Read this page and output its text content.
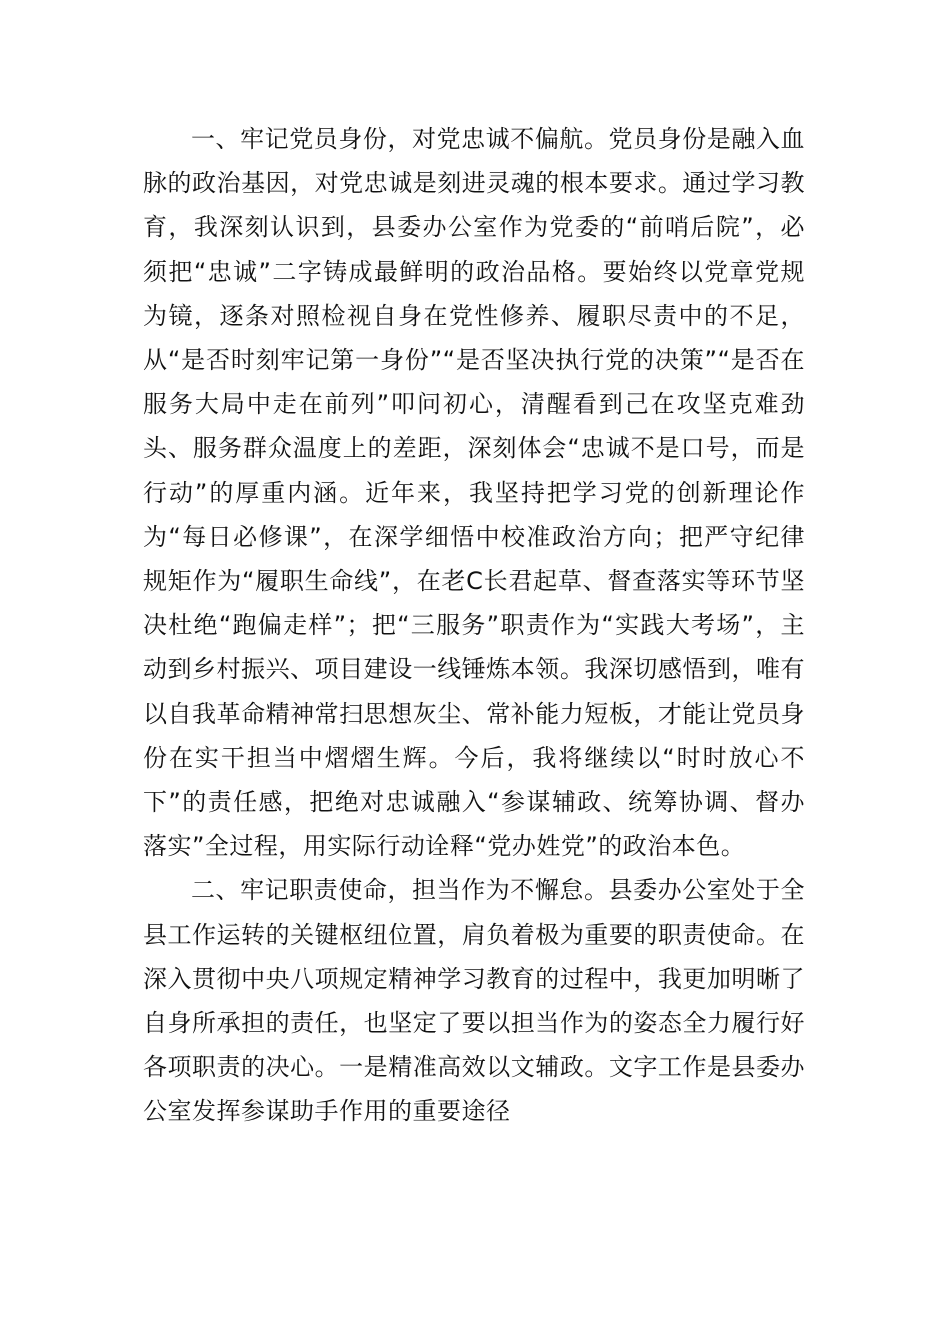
一、牢记党员身份，对党忠诚不偏航。党员身份是融入血脉的政治基因，对党忠诚是刻进灵魂的根本要求。通过学习教育，我深刻认识到，县委办公室作为党委的“前哨后院”，必须把“忠诚”二字铸成最鲜明的政治品格。要始终以党章党规为镜，逐条对照检视自身在党性修养、履职尽责中的不足，从“是否时刻牢记第一身份”“是否坚决执行党的决策”“是否在服务大局中走在前列”叩问初心，清醒看到己在攻坚克难劲头、服务群众温度上的差距，深刻体会“忠诚不是口号，而是行动”的厚重内涵。近年来，我坚持把学习党的创新理论作为“每日必修课”，在深学细悟中校准政治方向；把严守纪律规矩作为“履职生命线”，在老C长君起草、督查落实等环节坚决杜绝“跑偏走样”；把“三服务”职责作为“实践大考场”，主动到乡村振兴、项目建设一线锤炼本领。我深切感悟到，唯有以自我革命精神常扫思想灰尘、常补能力短板，才能让党员身份在实干担当中熠熠生辉。今后，我将继续以“时时放心不下”的责任感，把绝对忠诚融入“参谋辅政、统筹协调、督办落实”全过程，用实际行动诠释“党办姓党”的政治本色。

二、牢记职责使命，担当作为不懈怠。县委办公室处于全县工作运转的关键枢纽位置，肩负着极为重要的职责使命。在深入贯彻中央八项规定精神学习教育的过程中，我更加明晰了自身所承担的责任，也坚定了要以担当作为的姿态全力履行好各项职责的决心。一是精准高效以文辅政。文字工作是县委办公室发挥参谋助手作用的重要途径
